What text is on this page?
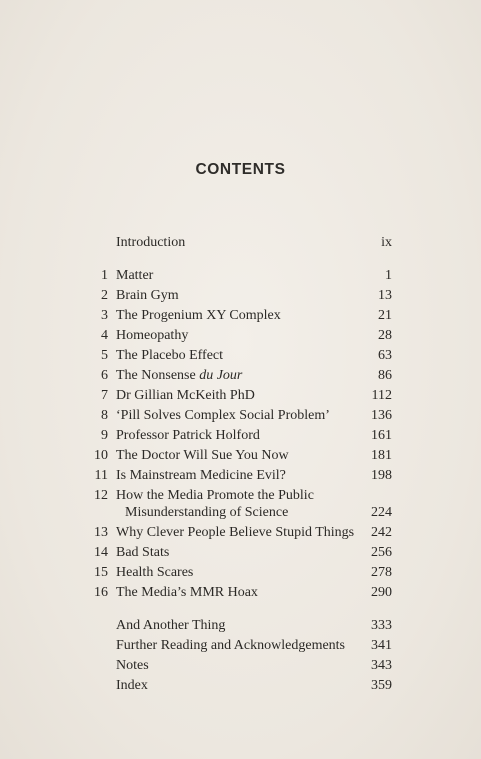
CONTENTS
Introduction	ix
1 Matter	1
2 Brain Gym	13
3 The Progenium XY Complex	21
4 Homeopathy	28
5 The Placebo Effect	63
6 The Nonsense du Jour	86
7 Dr Gillian McKeith PhD	112
8 ‘Pill Solves Complex Social Problem’	136
9 Professor Patrick Holford	161
10 The Doctor Will Sue You Now	181
11 Is Mainstream Medicine Evil?	198
12 How the Media Promote the Public
Misunderstanding of Science	224
13 Why Clever People Believe Stupid Things	242
14 Bad Stats	256
15 Health Scares	278
16 The Media’s MMR Hoax	290
And Another Thing	333
Further Reading and Acknowledgements	341
Notes	343
Index	359
